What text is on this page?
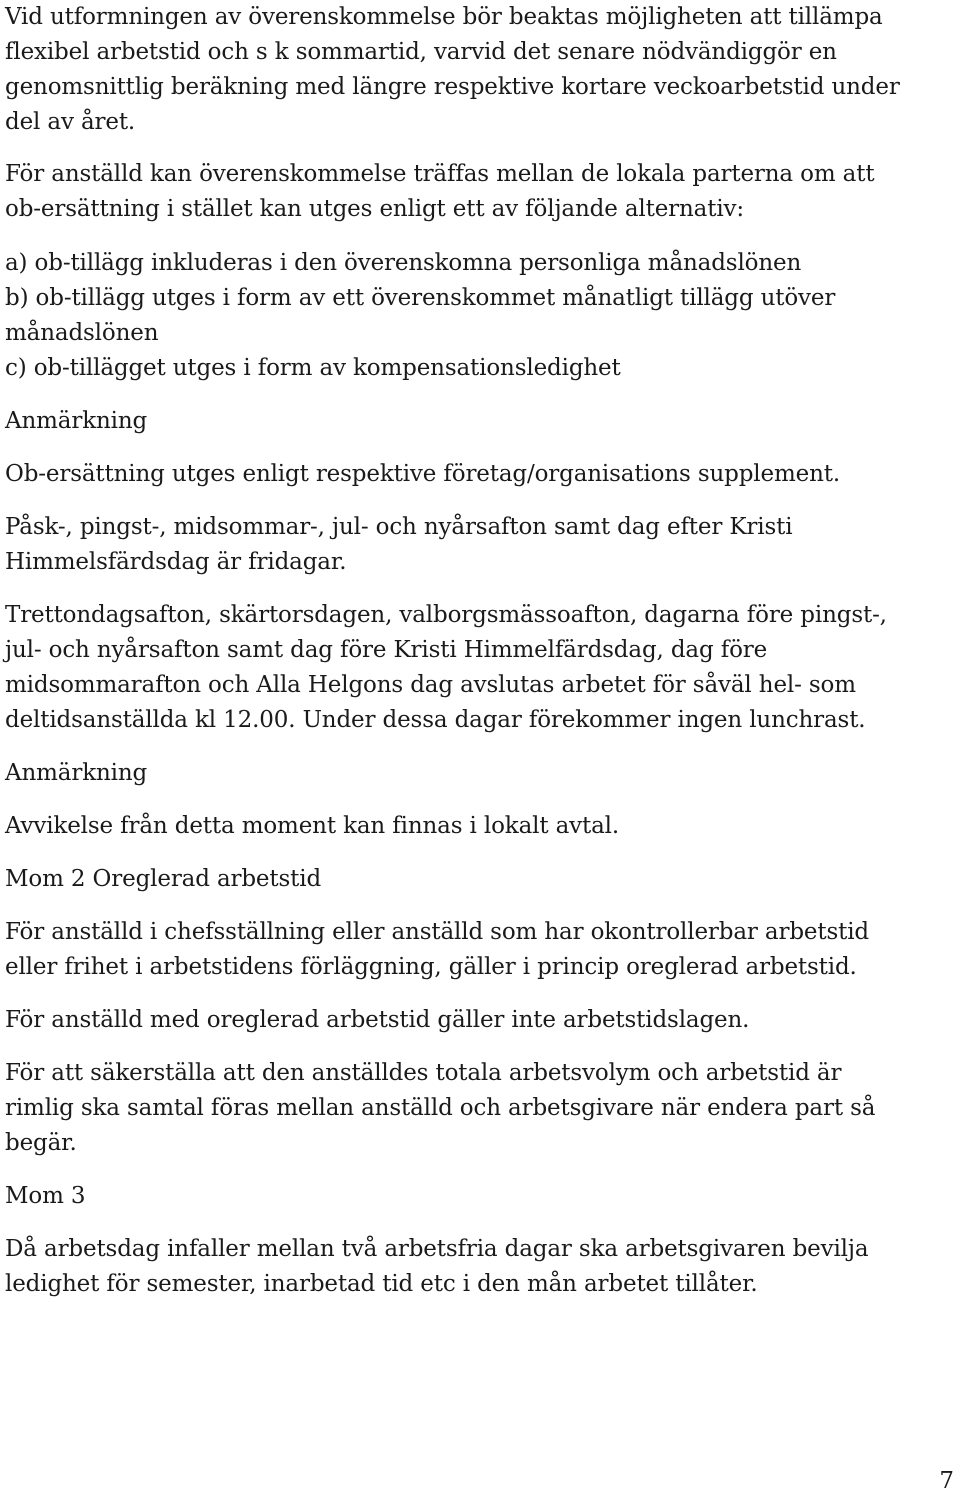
Vid utformningen av överenskommelse bör beaktas möjligheten att tillämpa
flexibel arbetstid och s k sommartid, varvid det senare nödvändiggör en
genomsnittlig beräkning med längre respektive kortare veckoarbetstid under
del av året.

För anställd kan överenskommelse träffas mellan de lokala parterna om att
ob-ersättning i stället kan utges enligt ett av följande alternativ:

a) ob-tillägg inkluderas i den överenskomna personliga månadslönen
b) ob-tillägg utges i form av ett överenskommet månatligt tillägg utöver
månadslönen
c) ob-tillägget utges i form av kompensationsledighet

Anmärkning

Ob-ersättning utges enligt respektive företag/organisations supplement.

Påsk-, pingst-, midsommar-, jul- och nyårsafton samt dag efter Kristi
Himmelsfärdsdag är fridagar.

Trettondagsafton, skärtorsdagen, valborgsmässoafton, dagarna före pingst-,
jul- och nyårsafton samt dag före Kristi Himmelfärdsdag, dag före
midsommarafton och Alla Helgons dag avslutas arbetet för såväl hel- som
deltidsanställda kl 12.00. Under dessa dagar förekommer ingen lunchrast.

Anmärkning

Avvikelse från detta moment kan finnas i lokalt avtal.

Mom 2 Oreglerad arbetstid

För anställd i chefsställning eller anställd som har okontrollerbar arbetstid
eller frihet i arbetstidens förläggning, gäller i princip oreglerad arbetstid.

För anställd med oreglerad arbetstid gäller inte arbetstidslagen.

För att säkerställa att den anställdes totala arbetsvolym och arbetstid är
rimlig ska samtal föras mellan anställd och arbetsgivare när endera part så
begär.

Mom 3

Då arbetsdag infaller mellan två arbetsfria dagar ska arbetsgivaren bevilja
ledighet för semester, inarbetad tid etc i den mån arbetet tillåter.

7
